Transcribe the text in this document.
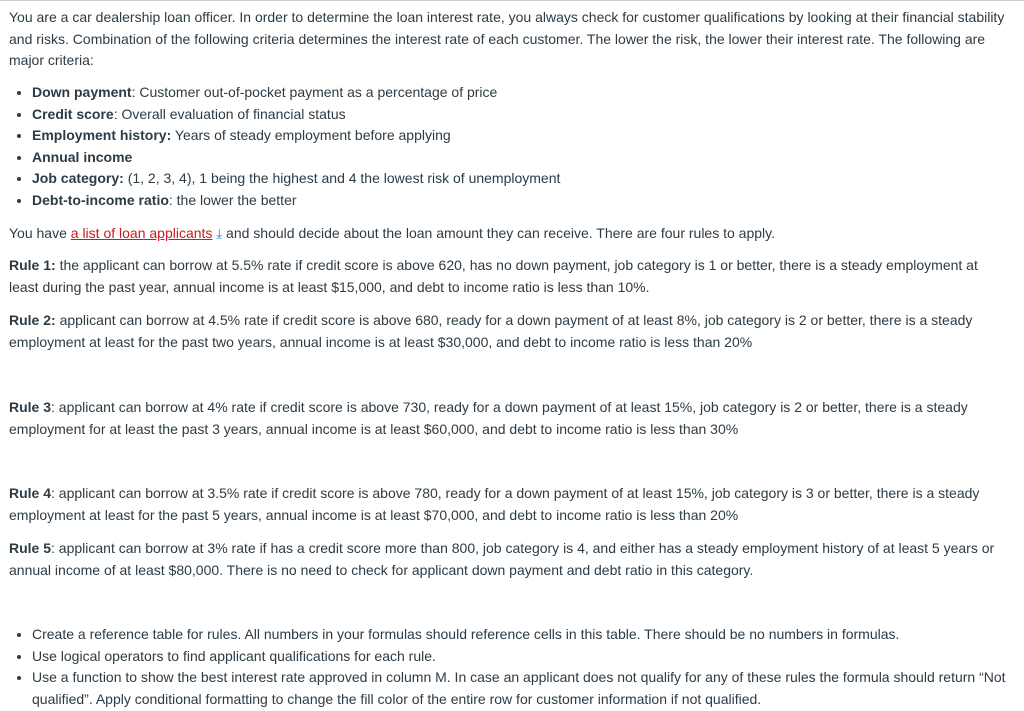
You are a car dealership loan officer. In order to determine the loan interest rate, you always check for customer qualifications by looking at their financial stability and risks. Combination of the following criteria determines the interest rate of each customer. The lower the risk, the lower their interest rate. The following are major criteria:

• Down payment: Customer out-of-pocket payment as a percentage of price
• Credit score: Overall evaluation of financial status
• Employment history: Years of steady employment before applying
• Annual income
• Job category: (1, 2, 3, 4), 1 being the highest and 4 the lowest risk of unemployment
• Debt-to-income ratio: the lower the better

You have a list of loan applicants ⤓ and should decide about the loan amount they can receive. There are four rules to apply.

Rule 1: the applicant can borrow at 5.5% rate if credit score is above 620, has no down payment, job category is 1 or better, there is a steady employment at least during the past year, annual income is at least $15,000, and debt to income ratio is less than 10%.

Rule 2: applicant can borrow at 4.5% rate if credit score is above 680, ready for a down payment of at least 8%, job category is 2 or better, there is a steady employment at least for the past two years, annual income is at least $30,000, and debt to income ratio is less than 20%

Rule 3: applicant can borrow at 4% rate if credit score is above 730, ready for a down payment of at least 15%, job category is 2 or better, there is a steady employment for at least the past 3 years, annual income is at least $60,000, and debt to income ratio is less than 30%

Rule 4: applicant can borrow at 3.5% rate if credit score is above 780, ready for a down payment of at least 15%, job category is 3 or better, there is a steady employment at least for the past 5 years, annual income is at least $70,000, and debt to income ratio is less than 20%

Rule 5: applicant can borrow at 3% rate if has a credit score more than 800, job category is 4, and either has a steady employment history of at least 5 years or annual income of at least $80,000. There is no need to check for applicant down payment and debt ratio in this category.

• Create a reference table for rules. All numbers in your formulas should reference cells in this table. There should be no numbers in formulas.
• Use logical operators to find applicant qualifications for each rule.
• Use a function to show the best interest rate approved in column M. In case an applicant does not qualify for any of these rules the formula should return “Not qualified”. Apply conditional formatting to change the fill color of the entire row for customer information if not qualified.
